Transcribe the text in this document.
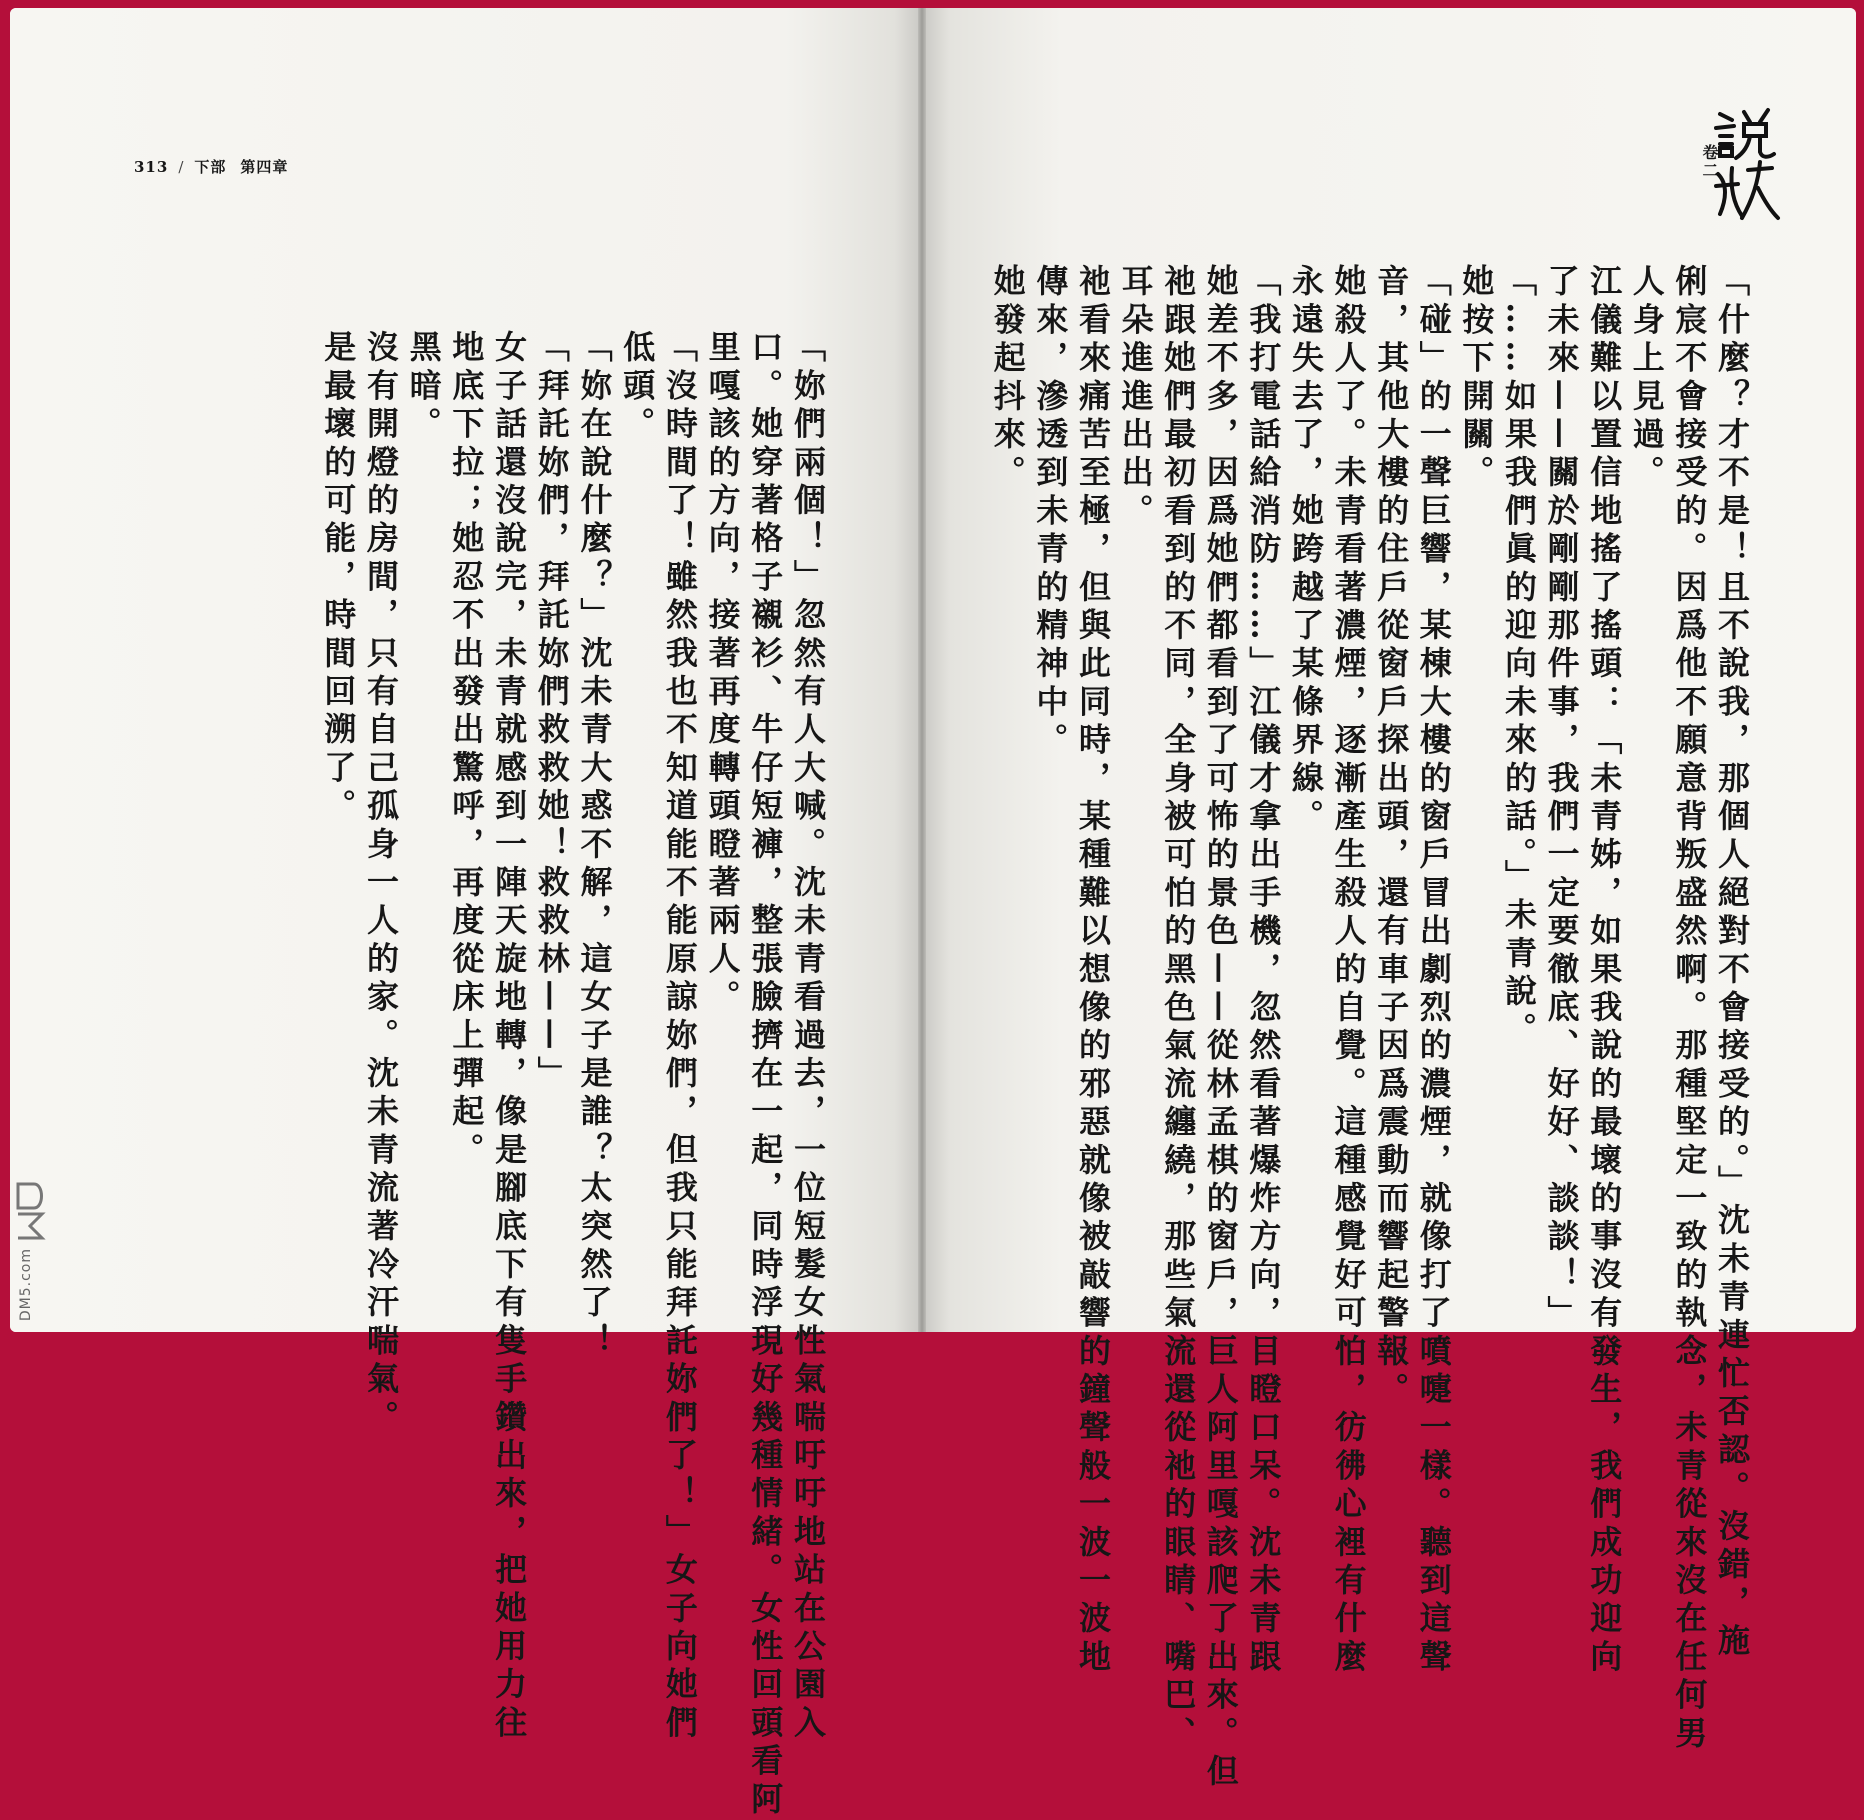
313 / 下部 第四章	卷二
「什麼？才不是！且不說我，那個人絕對不會接受的。」沈未青連忙否認。沒錯，施
俐宸不會接受的。因爲他不願意背叛盛然啊。那種堅定一致的執念，未青從來沒在任何男
人身上見過。
江儀難以置信地搖了搖頭：「未青姊，如果我說的最壞的事沒有發生，我們成功迎向
了未來——關於剛剛那件事，我們一定要徹底、好好、談談！」
「……如果我們眞的迎向未來的話。」未青說。
她按下開關。
「碰」的一聲巨響，某棟大樓的窗戶冒出劇烈的濃煙，就像打了噴嚏一樣。聽到這聲
音，其他大樓的住戶從窗戶探出頭，還有車子因爲震動而響起警報。
她殺人了。未青看著濃煙，逐漸產生殺人的自覺。這種感覺好可怕，彷彿心裡有什麼
永遠失去了，她跨越了某條界線。
「我打電話給消防……」江儀才拿出手機，忽然看著爆炸方向，目瞪口呆。沈未青跟
她差不多，因爲她們都看到了可怖的景色——從林孟棋的窗戶，巨人阿里嘎該爬了出來。但
祂跟她們最初看到的不同，全身被可怕的黑色氣流纏繞，那些氣流還從祂的眼睛、嘴巴、
耳朵進進出出。
祂看來痛苦至極，但與此同時，某種難以想像的邪惡就像被敲響的鐘聲般一波一波地
傳來，滲透到未青的精神中。
她發起抖來。
「妳們兩個！」忽然有人大喊。沈未青看過去，一位短髮女性氣喘吁吁地站在公園入
口。她穿著格子襯衫、牛仔短褲，整張臉擠在一起，同時浮現好幾種情緒。女性回頭看阿
里嘎該的方向，接著再度轉頭瞪著兩人。
「沒時間了！雖然我也不知道能不能原諒妳們，但我只能拜託妳們了！」女子向她們
低頭。
「妳在說什麼？」沈未青大惑不解，這女子是誰？太突然了！
「拜託妳們，拜託妳們救救她！救救林——」
女子話還沒說完，未青就感到一陣天旋地轉，像是腳底下有隻手鑽出來，把她用力往
地底下拉；她忍不出發出驚呼，再度從床上彈起。
黑暗。
沒有開燈的房間，只有自己孤身一人的家。沈未青流著冷汗喘氣。
是最壞的可能，時間回溯了。
DM5.com
